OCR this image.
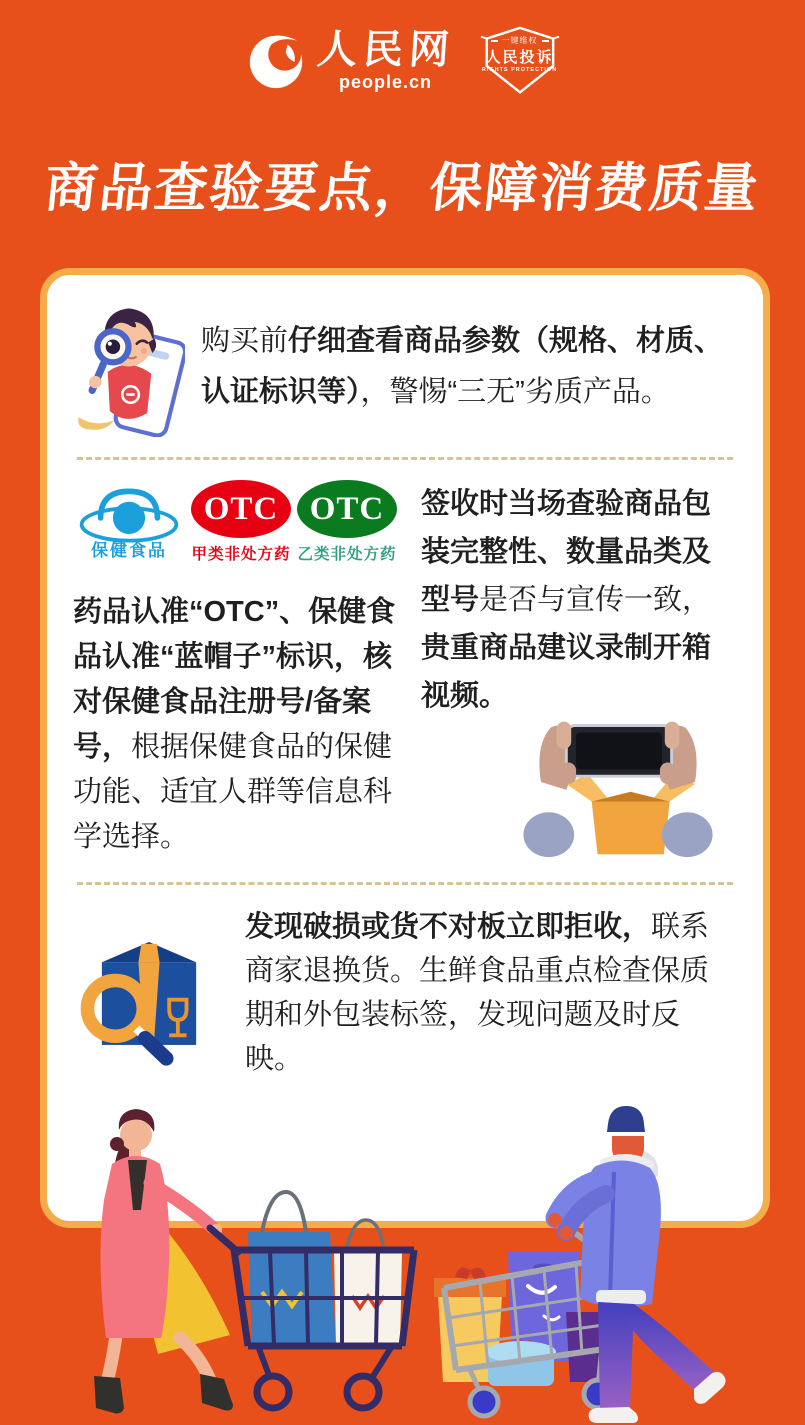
人民网
people.cn
一键维权
人民投诉
RIGHTS PROTECTION
商品查验要点，保障消费质量

购买前仔细查看商品参数（规格、材质、认证标识等），警惕“三无”劣质产品。

保健食品
OTC
甲类非处方药
OTC
乙类非处方药

药品认准“OTC”、保健食品认准“蓝帽子”标识，核对保健食品注册号/备案号，根据保健食品的保健功能、适宜人群等信息科学选择。

签收时当场查验商品包装完整性、数量品类及型号是否与宣传一致，贵重商品建议录制开箱视频。

发现破损或货不对板立即拒收，联系商家退换货。生鲜食品重点检查保质期和外包装标签，发现问题及时反映。
